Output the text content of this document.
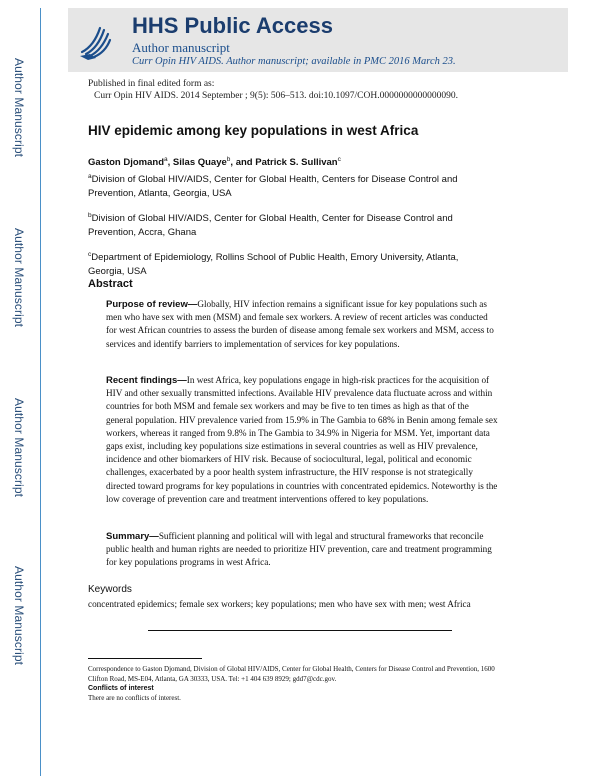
Author Manuscript
Author Manuscript
Author Manuscript
Author Manuscript
HHS Public Access
Author manuscript
Curr Opin HIV AIDS. Author manuscript; available in PMC 2016 March 23.
Published in final edited form as:
Curr Opin HIV AIDS. 2014 September ; 9(5): 506–513. doi:10.1097/COH.0000000000000090.
HIV epidemic among key populations in west Africa
Gaston Djomand$^a$, Silas Quaye$^b$, and Patrick S. Sullivan$^c$
$^a$Division of Global HIV/AIDS, Center for Global Health, Centers for Disease Control and Prevention, Atlanta, Georgia, USA
$^b$Division of Global HIV/AIDS, Center for Global Health, Center for Disease Control and Prevention, Accra, Ghana
$^c$Department of Epidemiology, Rollins School of Public Health, Emory University, Atlanta, Georgia, USA
Abstract
Purpose of review—Globally, HIV infection remains a significant issue for key populations such as men who have sex with men (MSM) and female sex workers. A review of recent articles was conducted for west African countries to assess the burden of disease among female sex workers and MSM, access to services and identify barriers to implementation of services for key populations.
Recent findings—In west Africa, key populations engage in high-risk practices for the acquisition of HIV and other sexually transmitted infections. Available HIV prevalence data fluctuate across and within countries for both MSM and female sex workers and may be five to ten times as high as that of the general population. HIV prevalence varied from 15.9% in The Gambia to 68% in Benin among female sex workers, whereas it ranged from 9.8% in The Gambia to 34.9% in Nigeria for MSM. Yet, important data gaps exist, including key populations size estimations in several countries as well as HIV prevalence, incidence and other biomarkers of HIV risk. Because of sociocultural, legal, political and economic challenges, exacerbated by a poor health system infrastructure, the HIV response is not strategically directed toward programs for key populations in countries with concentrated epidemics. Noteworthy is the low coverage of prevention care and treatment interventions offered to key populations.
Summary—Sufficient planning and political will with legal and structural frameworks that reconcile public health and human rights are needed to prioritize HIV prevention, care and treatment programming for key populations programs in west Africa.
Keywords
concentrated epidemics; female sex workers; key populations; men who have sex with men; west Africa
Correspondence to Gaston Djomand, Division of Global HIV/AIDS, Center for Global Health, Centers for Disease Control and Prevention, 1600 Clifton Road, MS-E04, Atlanta, GA 30333, USA. Tel: +1 404 639 8929; gdd7@cdc.gov.
Conflicts of interest
There are no conflicts of interest.
